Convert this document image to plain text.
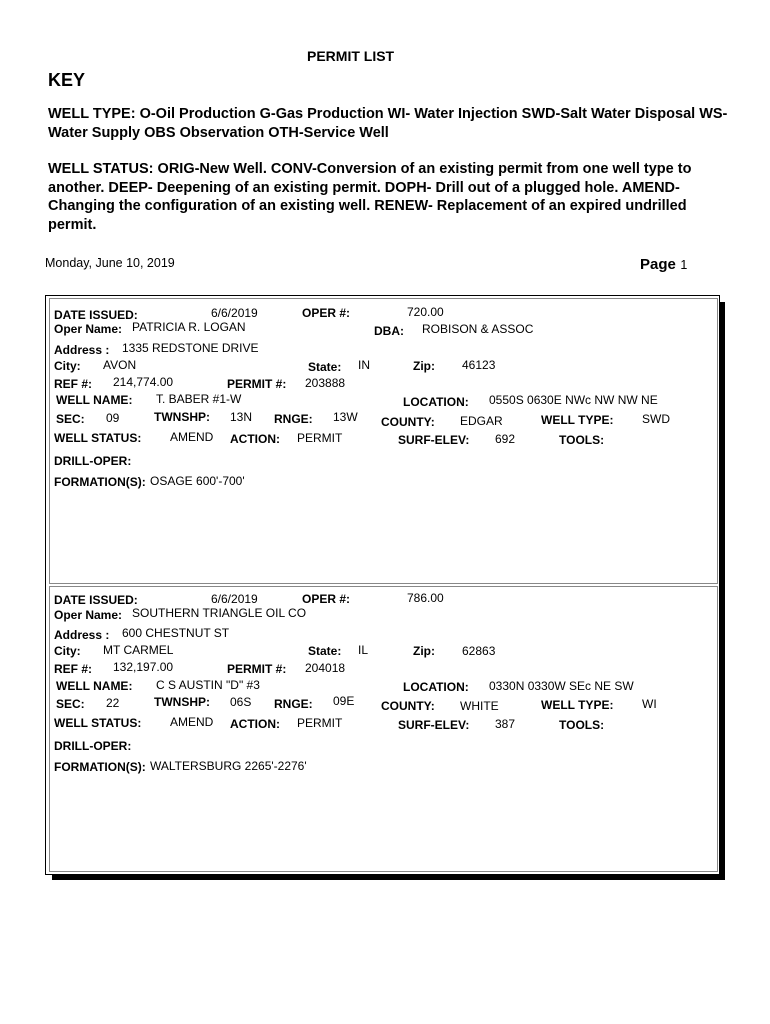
PERMIT LIST
KEY
WELL TYPE: O-Oil Production G-Gas Production WI- Water Injection SWD-Salt Water Disposal WS-Water Supply OBS Observation OTH-Service Well
WELL STATUS: ORIG-New Well. CONV-Conversion of an existing permit from one well type to another. DEEP- Deepening of an existing permit. DOPH- Drill out of a plugged hole. AMEND-Changing the configuration of an existing well. RENEW- Replacement of an expired undrilled permit.
Monday, June 10, 2019	Page 1
DATE ISSUED:	6/6/2019	OPER #:	720.00
Oper Name: PATRICIA R. LOGAN	DBA: ROBISON & ASSOC
Address : 1335 REDSTONE DRIVE
City: AVON	State: IN	Zip: 46123
REF #: 214,774.00	PERMIT #: 203888
WELL NAME: T. BABER #1-W	LOCATION: 0550S 0630E NWc NW NW NE
SEC: 09	TWNSHP: 13N RNGE: 13W COUNTY: EDGAR	WELL TYPE: SWD
WELL STATUS: AMEND ACTION: PERMIT	SURF-ELEV: 692	TOOLS:
DRILL-OPER:
FORMATION(S): OSAGE 600'-700'
DATE ISSUED:	6/6/2019	OPER #:	786.00
Oper Name: SOUTHERN TRIANGLE OIL CO
Address : 600 CHESTNUT ST
City: MT CARMEL	State: IL	Zip: 62863
REF #: 132,197.00	PERMIT #: 204018
WELL NAME: C S AUSTIN "D" #3	LOCATION: 0330N 0330W SEc NE SW
SEC: 22	TWNSHP: 06S RNGE: 09E COUNTY: WHITE	WELL TYPE: WI
WELL STATUS: AMEND ACTION: PERMIT	SURF-ELEV: 387	TOOLS:
DRILL-OPER:
FORMATION(S): WALTERSBURG 2265'-2276'
